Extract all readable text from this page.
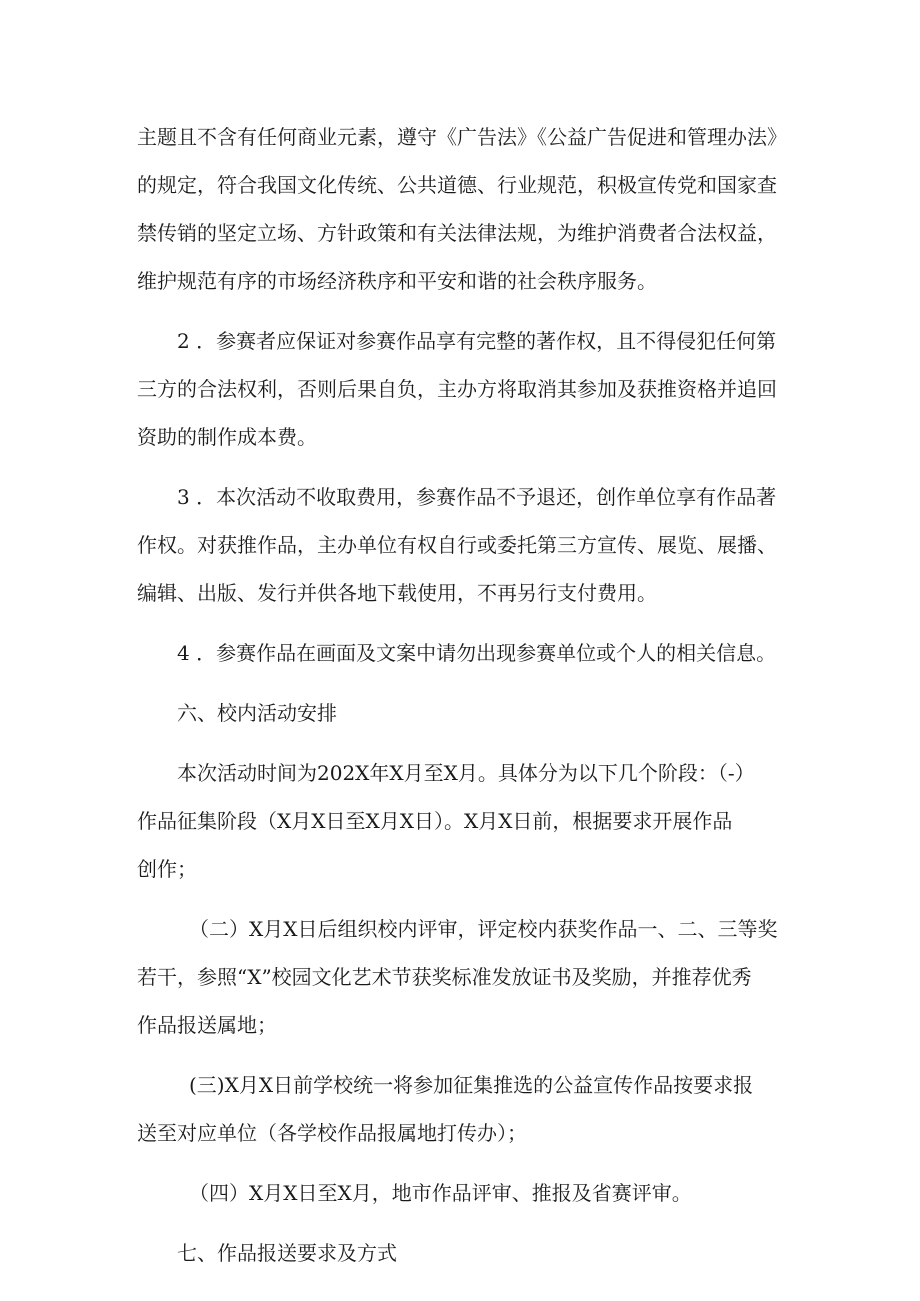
主题且不含有任何商业元素，遵守《广告法》《公益广告促进和管理办法》
的规定，符合我国文化传统、公共道德、行业规范，积极宣传党和国家查
禁传销的坚定立场、方针政策和有关法律法规，为维护消费者合法权益，
维护规范有序的市场经济秩序和平安和谐的社会秩序服务。
2 ．参赛者应保证对参赛作品享有完整的著作权，且不得侵犯任何第
三方的合法权利，否则后果自负，主办方将取消其参加及获推资格并追回
资助的制作成本费。
3 ．本次活动不收取费用，参赛作品不予退还，创作单位享有作品著
作权。对获推作品，主办单位有权自行或委托第三方宣传、展览、展播、
编辑、出版、发行并供各地下载使用，不再另行支付费用。
4 ．参赛作品在画面及文案中请勿出现参赛单位或个人的相关信息。
六、校内活动安排
本次活动时间为202X年X月至X月。具体分为以下几个阶段：（-）
作品征集阶段（X月X日至X月X日）。X月X日前，根据要求开展作品
创作；
（二）X月X日后组织校内评审，评定校内获奖作品一、二、三等奖
若干，参照“X”校园文化艺术节获奖标准发放证书及奖励，并推荐优秀
作品报送属地；
(三)X月X日前学校统一将参加征集推选的公益宣传作品按要求报
送至对应单位（各学校作品报属地打传办）；
（四）X月X日至X月，地市作品评审、推报及省赛评审。
七、作品报送要求及方式
